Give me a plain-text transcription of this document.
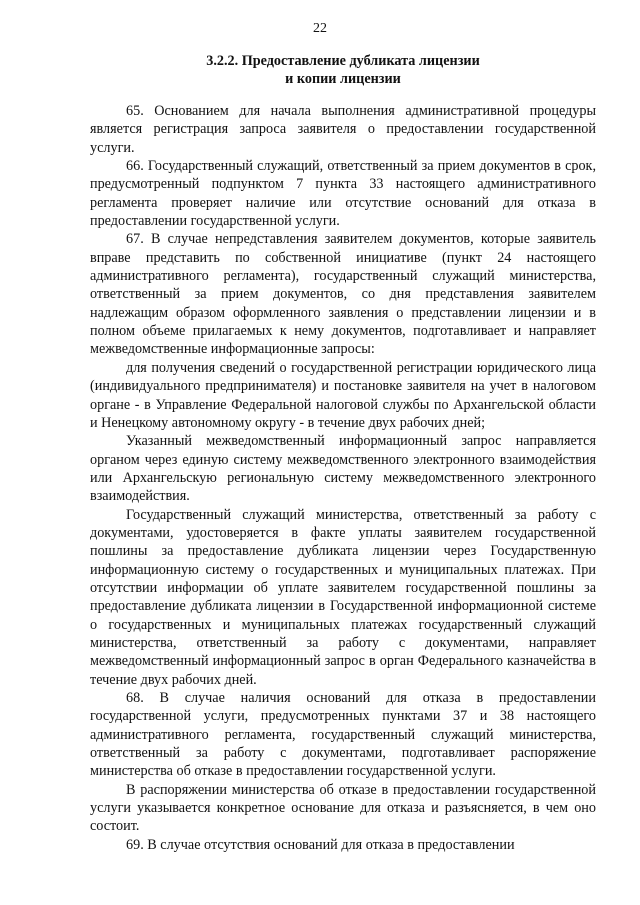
22
3.2.2. Предоставление дубликата лицензии
и копии лицензии

65. Основанием для начала выполнения административной процедуры является регистрация запроса заявителя о предоставлении государственной услуги.

66. Государственный служащий, ответственный за прием документов в срок, предусмотренный подпунктом 7 пункта 33 настоящего административного регламента проверяет наличие или отсутствие оснований для отказа в предоставлении государственной услуги.

67. В случае непредставления заявителем документов, которые заявитель вправе представить по собственной инициативе (пункт 24 настоящего административного регламента), государственный служащий министерства, ответственный за прием документов, со дня представления заявителем надлежащим образом оформленного заявления о представлении лицензии и в полном объеме прилагаемых к нему документов, подготавливает и направляет межведомственные информационные запросы:

для получения сведений о государственной регистрации юридического лица (индивидуального предпринимателя) и постановке заявителя на учет в налоговом органе - в Управление Федеральной налоговой службы по Архангельской области и Ненецкому автономному округу - в течение двух рабочих дней;

Указанный межведомственный информационный запрос направляется органом через единую систему межведомственного электронного взаимодействия или Архангельскую региональную систему межведомственного электронного взаимодействия.

Государственный служащий министерства, ответственный за работу с документами, удостоверяется в факте уплаты заявителем государственной пошлины за предоставление дубликата лицензии через Государственную информационную систему о государственных и муниципальных платежах. При отсутствии информации об уплате заявителем государственной пошлины за предоставление дубликата лицензии в Государственной информационной системе о государственных и муниципальных платежах государственный служащий министерства, ответственный за работу с документами, направляет межведомственный информационный запрос в орган Федерального казначейства в течение двух рабочих дней.

68. В случае наличия оснований для отказа в предоставлении государственной услуги, предусмотренных пунктами 37 и 38 настоящего административного регламента, государственный служащий министерства, ответственный за работу с документами, подготавливает распоряжение министерства об отказе в предоставлении государственной услуги.

В распоряжении министерства об отказе в предоставлении государственной услуги указывается конкретное основание для отказа и разъясняется, в чем оно состоит.

69. В случае отсутствия оснований для отказа в предоставлении
